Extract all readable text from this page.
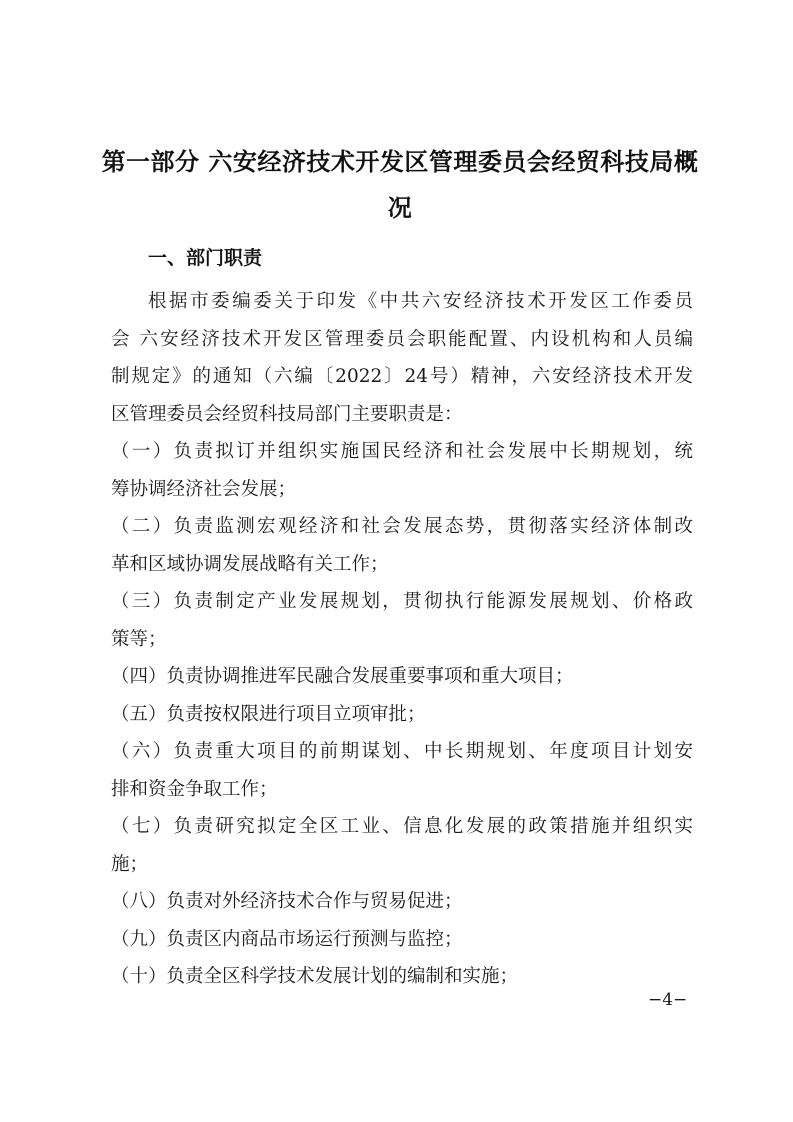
第一部分 六安经济技术开发区管理委员会经贸科技局概
况
一、部门职责
根据市委编委关于印发《中共六安经济技术开发区工作委员
会 六安经济技术开发区管理委员会职能配置、内设机构和人员编
制规定》的通知（六编〔2022〕24号）精神，六安经济技术开发
区管理委员会经贸科技局部门主要职责是：
（一）负责拟订并组织实施国民经济和社会发展中长期规划，统
筹协调经济社会发展；
（二）负责监测宏观经济和社会发展态势，贯彻落实经济体制改
革和区域协调发展战略有关工作；
（三）负责制定产业发展规划，贯彻执行能源发展规划、价格政
策等；
（四）负责协调推进军民融合发展重要事项和重大项目；
（五）负责按权限进行项目立项审批；
（六）负责重大项目的前期谋划、中长期规划、年度项目计划安
排和资金争取工作；
（七）负责研究拟定全区工业、信息化发展的政策措施并组织实
施；
（八）负责对外经济技术合作与贸易促进；
（九）负责区内商品市场运行预测与监控；
（十）负责全区科学技术发展计划的编制和实施；
−4−
